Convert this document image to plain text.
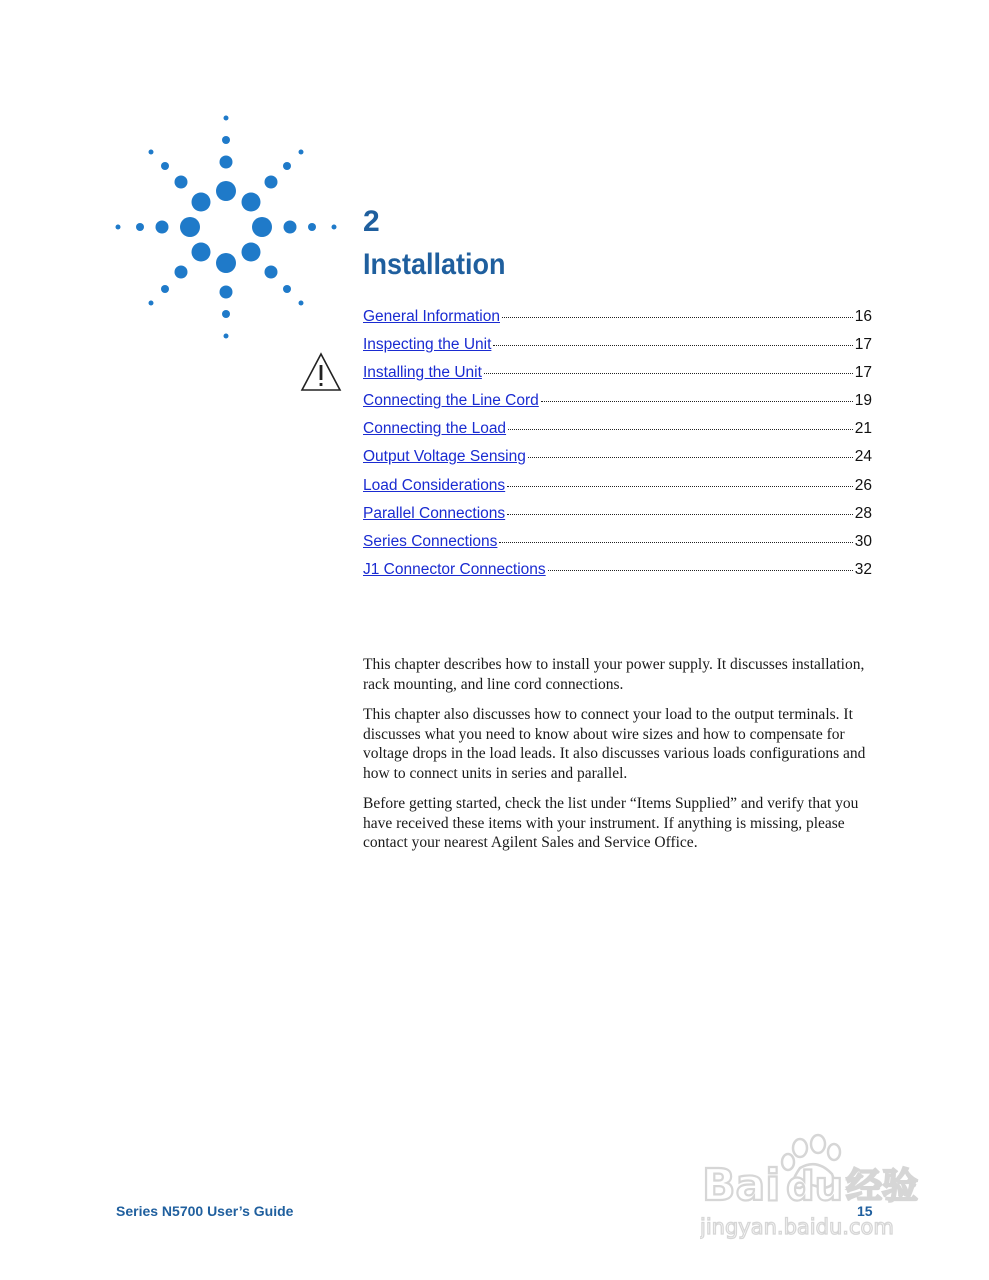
2
Installation
General Information	16
Inspecting the Unit	17
Installing the Unit	17
Connecting the Line Cord	19
Connecting the Load	21
Output Voltage Sensing	24
Load Considerations	26
Parallel Connections	28
Series Connections	30
J1 Connector Connections	32

This chapter describes how to install your power supply. It discusses installation, rack mounting, and line cord connections.

This chapter also discusses how to connect your load to the output terminals. It discusses what you need to know about wire sizes and how to compensate for voltage drops in the load leads. It also discusses various loads configurations and how to connect units in series and parallel.

Before getting started, check the list under “Items Supplied” and verify that you have received these items with your instrument. If anything is missing, please contact your nearest Agilent Sales and Service Office.

Series N5700 User’s Guide	15
Bai du 经验
jingyan.baidu.com
